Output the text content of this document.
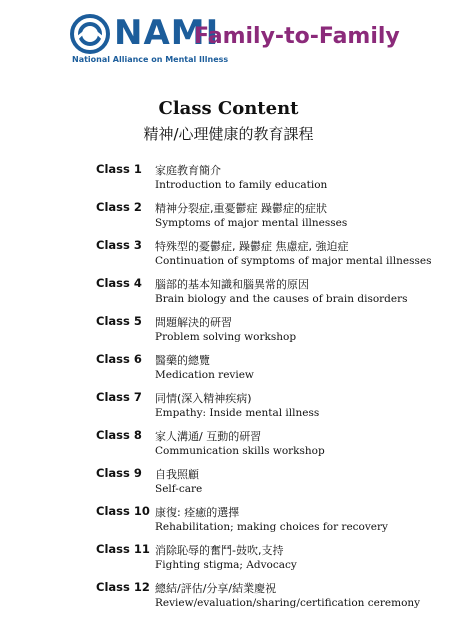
NAMI
National Alliance on Mental Illness
Family-to-Family
Class Content
精神/心理健康的教育課程
Class 1 家庭教育簡介
Introduction to family education
Class 2 精神分裂症,重憂鬱症 躁鬱症的症狀
Symptoms of major mental illnesses
Class 3 特殊型的憂鬱症, 躁鬱症 焦慮症, 強迫症
Continuation of symptoms of major mental illnesses
Class 4 腦部的基本知識和腦異常的原因
Brain biology and the causes of brain disorders
Class 5 問題解決的研習
Problem solving workshop
Class 6 醫藥的總覽
Medication review
Class 7 同情(深入精神疾病)
Empathy: Inside mental illness
Class 8 家人溝通/ 互動的研習
Communication skills workshop
Class 9 自我照顧
Self-care
Class 10 康復: 痊癒的選擇
Rehabilitation; making choices for recovery
Class 11 消除恥辱的奮鬥-鼓吹,支持
Fighting stigma; Advocacy
Class 12 總結/評估/分享/結業慶祝
Review/evaluation/sharing/certification ceremony
